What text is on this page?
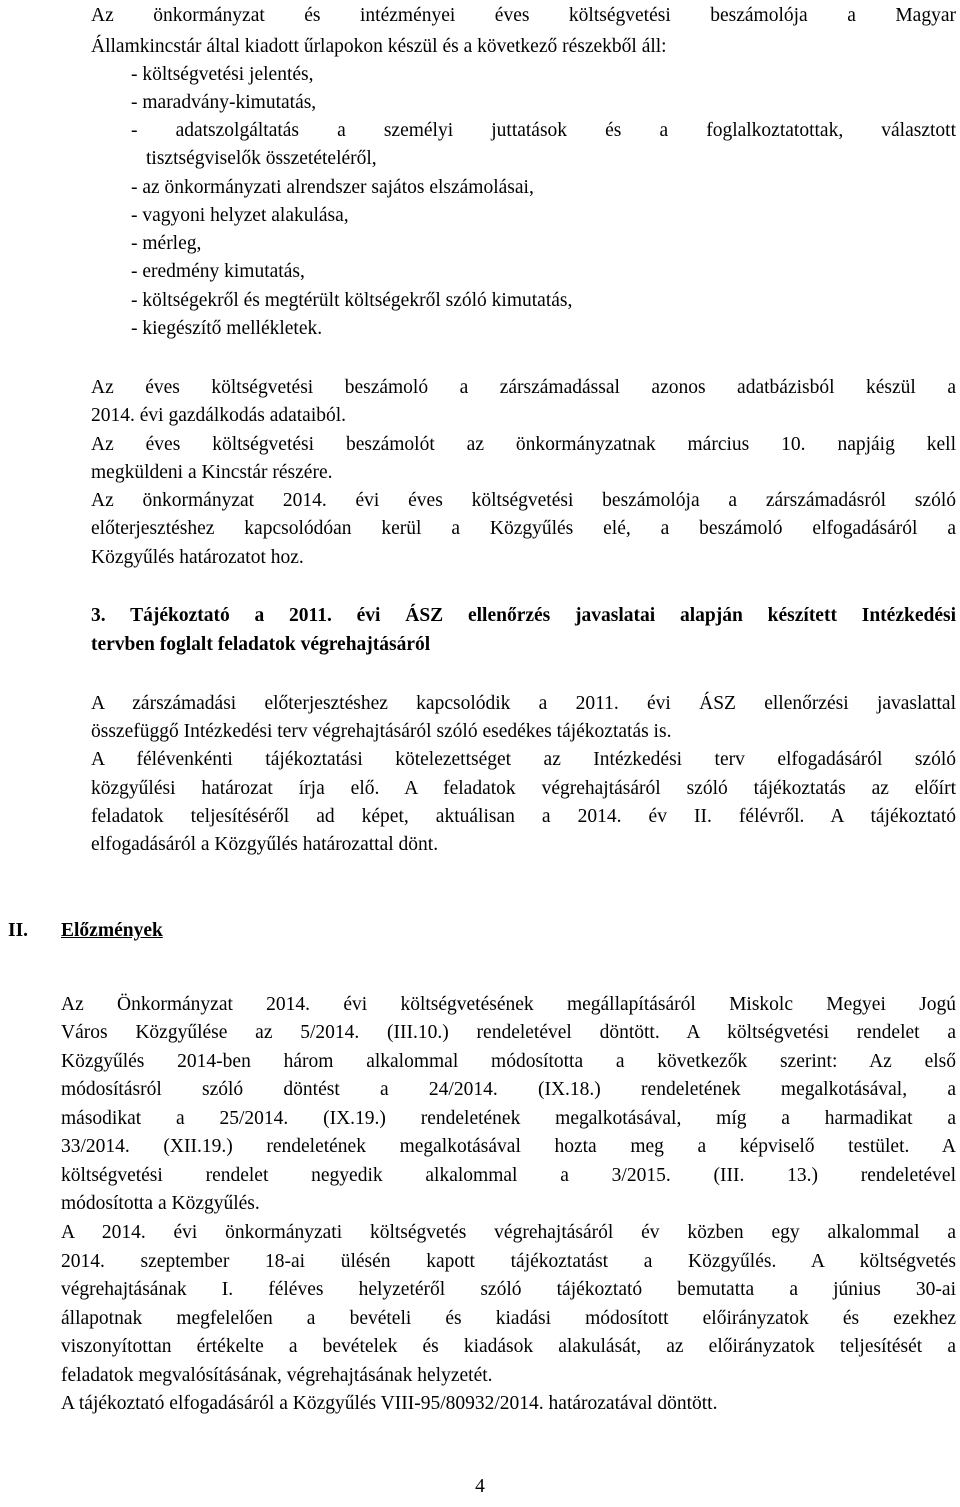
Az önkormányzat és intézményei éves költségvetési beszámolója a Magyar
Államkincstár által kiadott űrlapokon készül és a következő részekből áll:
- költségvetési jelentés,
- maradvány-kimutatás,
- adatszolgáltatás a személyi juttatások és a foglalkoztatottak, választott
tisztségviselők összetételéről,
- az önkormányzati alrendszer sajátos elszámolásai,
- vagyoni helyzet alakulása,
- mérleg,
- eredmény kimutatás,
- költségekről és megtérült költségekről szóló kimutatás,
- kiegészítő mellékletek.
Az éves költségvetési beszámoló a zárszámadással azonos adatbázisból készül a
2014. évi gazdálkodás adataiból.
Az éves költségvetési beszámolót az önkormányzatnak március 10. napjáig kell
megküldeni a Kincstár részére.
Az önkormányzat 2014. évi éves költségvetési beszámolója a zárszámadásról szóló
előterjesztéshez kapcsolódóan kerül a Közgyűlés elé, a beszámoló elfogadásáról a
Közgyűlés határozatot hoz.
3. Tájékoztató a 2011. évi ÁSZ ellenőrzés javaslatai alapján készített Intézkedési
tervben foglalt feladatok végrehajtásáról
A zárszámadási előterjesztéshez kapcsolódik a 2011. évi ÁSZ ellenőrzési javaslattal
összefüggő Intézkedési terv végrehajtásáról szóló esedékes tájékoztatás is.
A félévenkénti tájékoztatási kötelezettséget az Intézkedési terv elfogadásáról szóló
közgyűlési határozat írja elő. A feladatok végrehajtásáról szóló tájékoztatás az előírt
feladatok teljesítéséről ad képet, aktuálisan a 2014. év II. félévről. A tájékoztató
elfogadásáról a Közgyűlés határozattal dönt.
II. Előzmények
Az Önkormányzat 2014. évi költségvetésének megállapításáról Miskolc Megyei Jogú
Város Közgyűlése az 5/2014. (III.10.) rendeletével döntött. A költségvetési rendelet a
Közgyűlés 2014-ben három alkalommal módosította a következők szerint: Az első
módosításról szóló döntést a 24/2014. (IX.18.) rendeletének megalkotásával, a
másodikat a 25/2014. (IX.19.) rendeletének megalkotásával, míg a harmadikat a
33/2014. (XII.19.) rendeletének megalkotásával hozta meg a képviselő testület. A
költségvetési rendelet negyedik alkalommal a 3/2015. (III. 13.) rendeletével
módosította a Közgyűlés.
A 2014. évi önkormányzati költségvetés végrehajtásáról év közben egy alkalommal a
2014. szeptember 18-ai ülésén kapott tájékoztatást a Közgyűlés. A költségvetés
végrehajtásának I. féléves helyzetéről szóló tájékoztató bemutatta a június 30-ai
állapotnak megfelelően a bevételi és kiadási módosított előirányzatok és ezekhez
viszonyítottan értékelte a bevételek és kiadások alakulását, az előirányzatok teljesítését a
feladatok megvalósításának, végrehajtásának helyzetét.
A tájékoztató elfogadásáról a Közgyűlés VIII-95/80932/2014. határozatával döntött.
4
